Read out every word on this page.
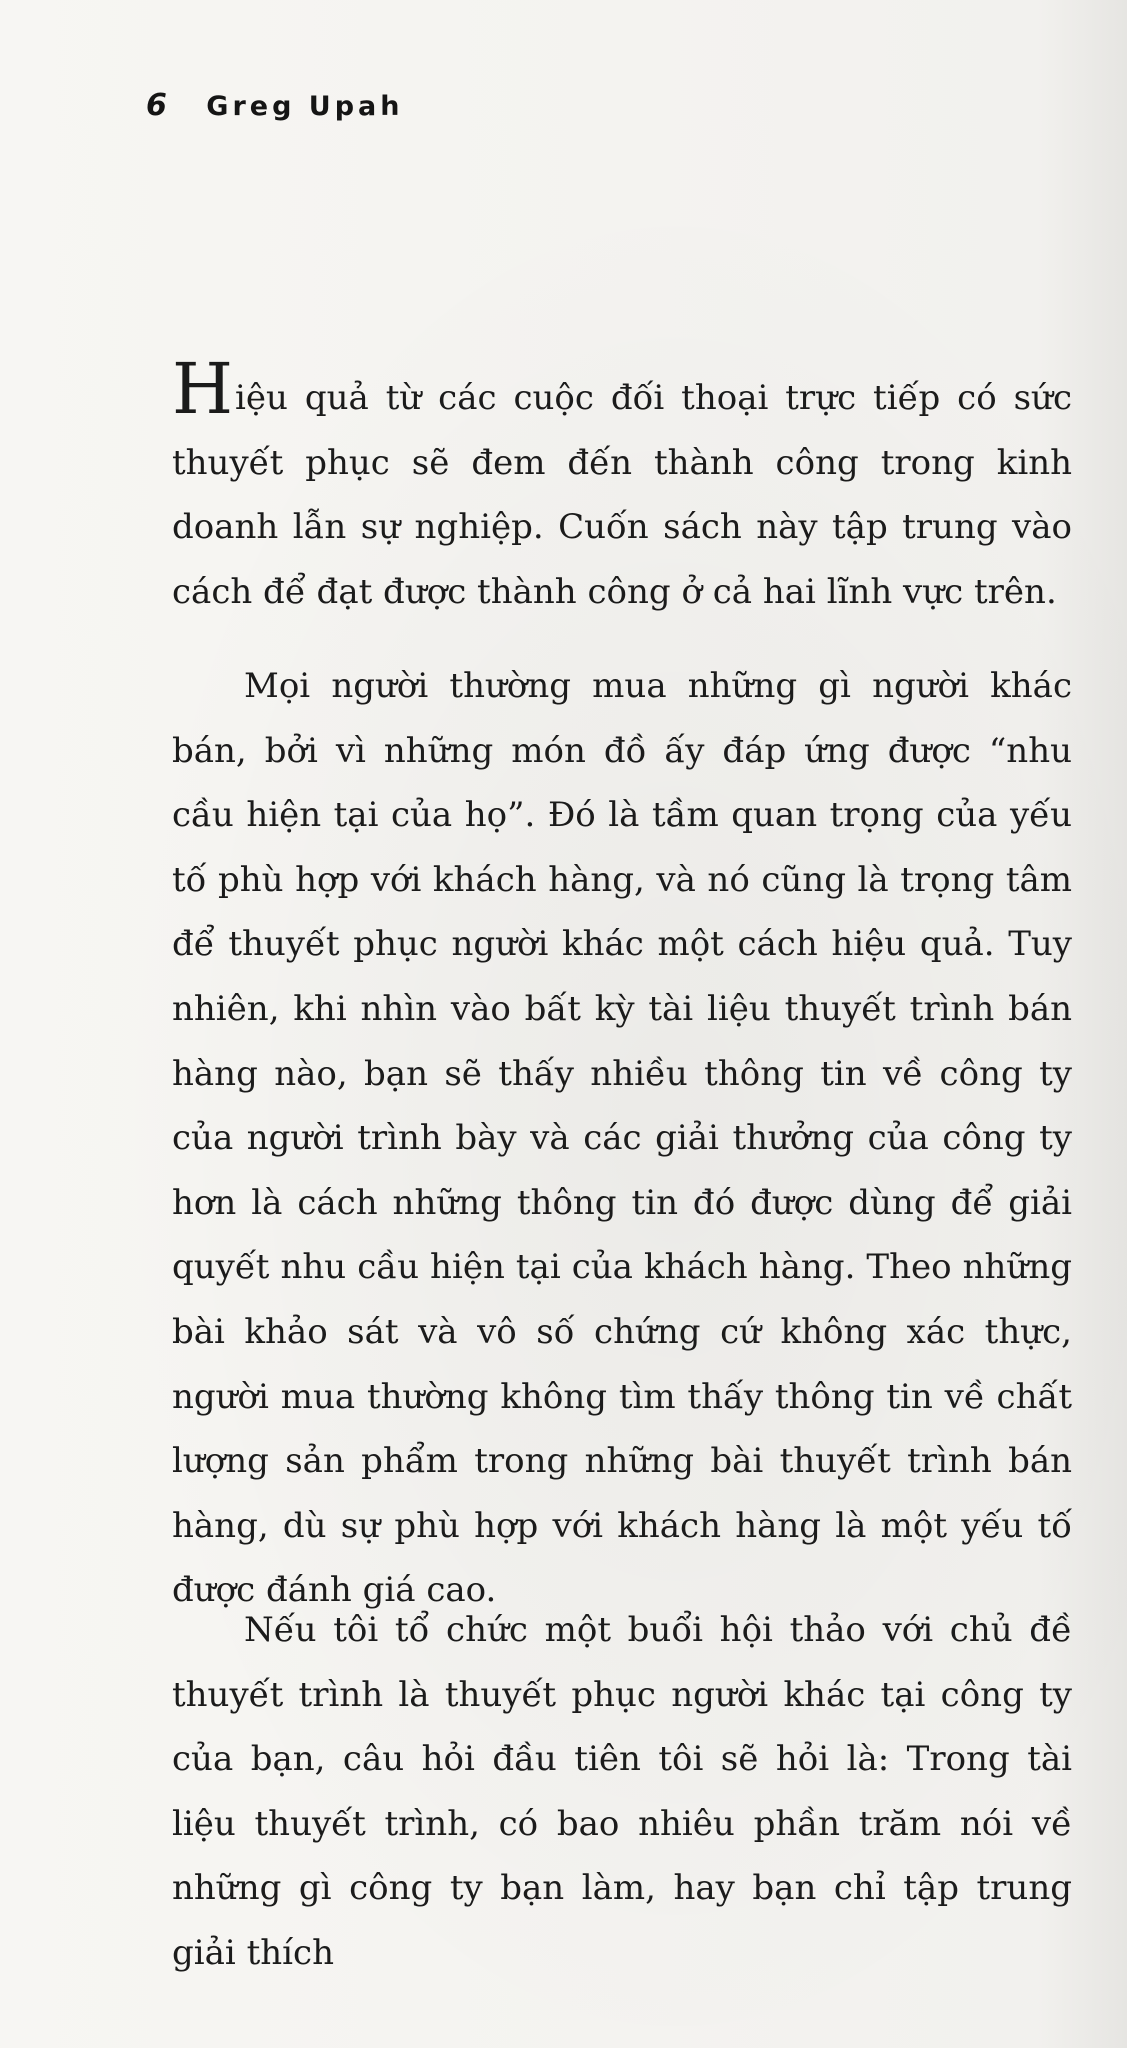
6 Greg Upah
Hiệu quả từ các cuộc đối thoại trực tiếp có sức thuyết phục sẽ đem đến thành công trong kinh doanh lẫn sự nghiệp. Cuốn sách này tập trung vào cách để đạt được thành công ở cả hai lĩnh vực trên.
Mọi người thường mua những gì người khác bán, bởi vì những món đồ ấy đáp ứng được “nhu cầu hiện tại của họ”. Đó là tầm quan trọng của yếu tố phù hợp với khách hàng, và nó cũng là trọng tâm để thuyết phục người khác một cách hiệu quả. Tuy nhiên, khi nhìn vào bất kỳ tài liệu thuyết trình bán hàng nào, bạn sẽ thấy nhiều thông tin về công ty của người trình bày và các giải thưởng của công ty hơn là cách những thông tin đó được dùng để giải quyết nhu cầu hiện tại của khách hàng. Theo những bài khảo sát và vô số chứng cứ không xác thực, người mua thường không tìm thấy thông tin về chất lượng sản phẩm trong những bài thuyết trình bán hàng, dù sự phù hợp với khách hàng là một yếu tố được đánh giá cao.
Nếu tôi tổ chức một buổi hội thảo với chủ đề thuyết trình là thuyết phục người khác tại công ty của bạn, câu hỏi đầu tiên tôi sẽ hỏi là: Trong tài liệu thuyết trình, có bao nhiêu phần trăm nói về những gì công ty bạn làm, hay bạn chỉ tập trung giải thích
